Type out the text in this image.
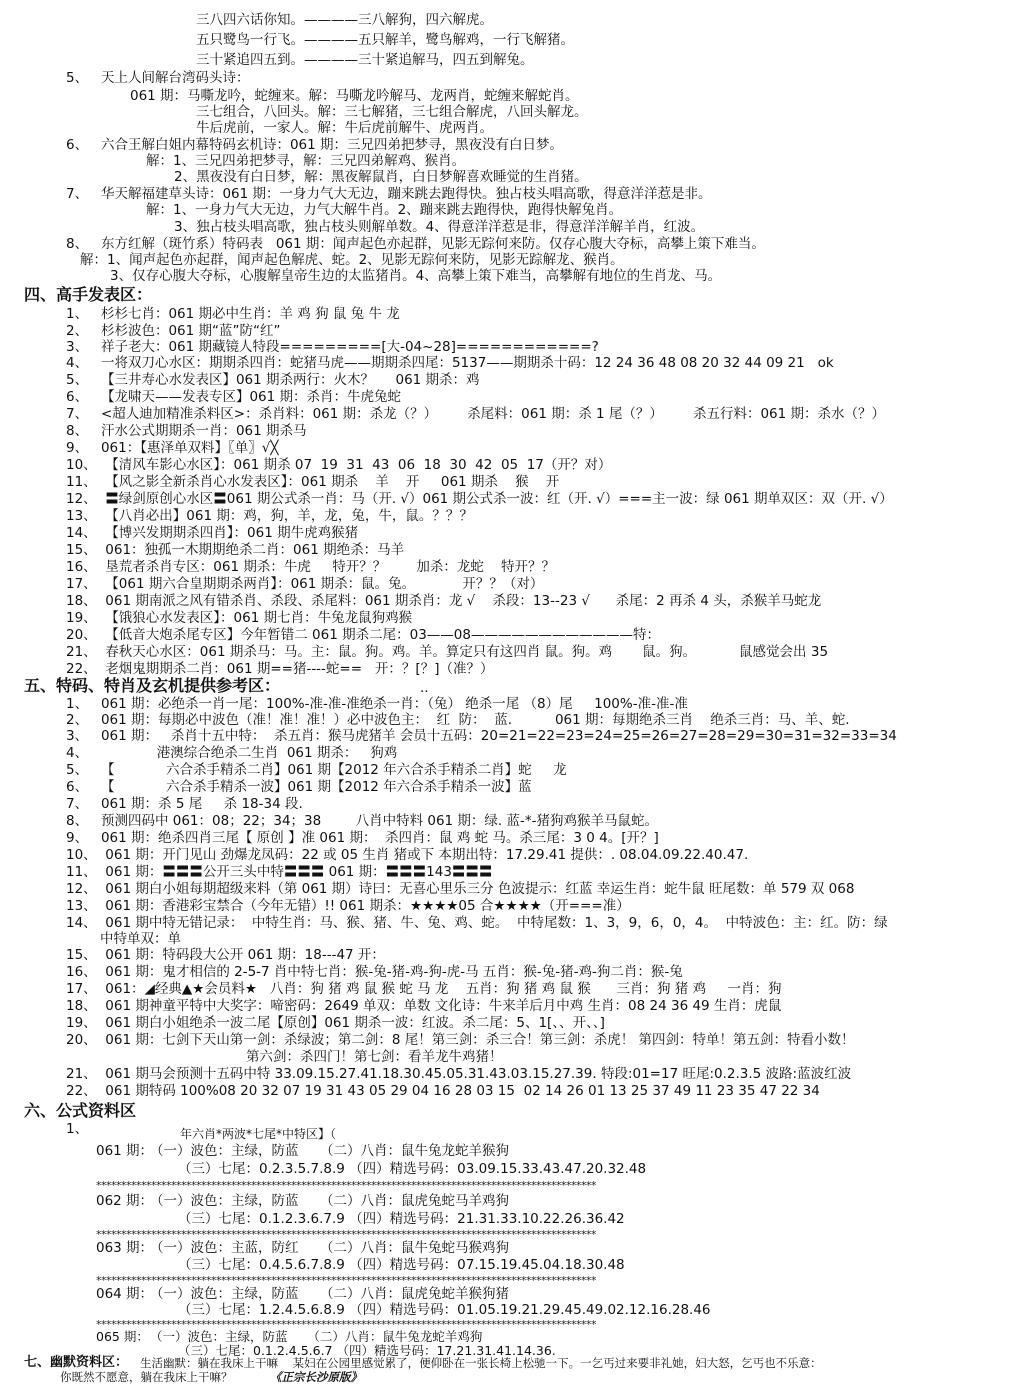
三八四六话你知。————三八解狗，四六解虎。
五只鹭鸟一行飞。————五只解羊，鹭鸟解鸡，一行飞解猪。
三十紧追四五到。————三十紧追解马，四五到解兔。
5、   天上人间解台湾码头诗：
061 期：马嘶龙吟，蛇缠来。解：马嘶龙吟解马、龙两肖，蛇缠来解蛇肖。
三七组合，八回头。解：三七解猪，三七组合解虎，八回头解龙。
牛后虎前，一家人。解：牛后虎前解牛、虎两肖。
6、   六合王解白姐内幕特码玄机诗：061 期：三兄四弟把梦寻，黑夜没有白日梦。
解：1、三兄四弟把梦寻，解：三兄四弟解鸡、猴肖。
2、黑夜没有白日梦，解：黑夜解鼠肖，白日梦解喜欢睡觉的生肖猪。
7、   华天解福建草头诗：061 期：一身力气大无边，蹦来跳去跑得快。独占枝头唱高歌，得意洋洋惹是非。
解：1、一身力气大无边，力气大解牛肖。2、蹦来跳去跑得快，跑得快解兔肖。
3、独占枝头唱高歌，独占枝头则解单数。4、得意洋洋惹是非，得意洋洋解羊肖，红波。
8、   东方红解（斑竹系）特码表   061 期：闻声起色亦起群，见影无踪何来防。仅存心腹大夺标，高攀上策下难当。
解：1、闻声起色亦起群，闻声起色解虎、蛇。2、见影无踪何来防，见影无踪解龙、猴肖。
3、仅存心腹大夺标，心腹解皇帝生边的太监猪肖。4、高攀上策下难当，高攀解有地位的生肖龙、马。
四、高手发表区：
1、   杉杉七肖：061 期必中生肖：羊 鸡 狗 鼠 兔 牛 龙
2、   杉杉波色：061 期“蓝”防“红”
3、   祥子老大：061 期藏镜人特段=========[大-04~28]============?
4、   一将双刀心水区：期期杀四肖：蛇猪马虎——期期杀四尾：5137——期期杀十码：12 24 36 48 08 20 32 44 09 21   ok
5、   【三井寿心水发表区】061 期杀两行：火木？     061 期杀：鸡
6、   【龙啸天——发表专区】061 期：杀肖：牛虎兔蛇
7、   <超人迪加精准杀料区>：杀肖料：061 期：杀龙（？）       杀尾料：061 期：杀 1 尾（？）       杀五行料：061 期：杀水（？）
8、   汗水公式期期杀一肖：061 期杀马
9、   061：【惠泽单双料】〖单〗√╳
10、  【清风车影心水区】：061 期杀 07  19  31  43  06  18  30  42  05  17（开？对）
11、  【风之影全新杀肖心水发表区】：061 期杀    羊    开     061 期杀    猴    开
12、  〓绿剑原创心水区〓061 期公式杀一肖：马（开. √）061 期公式杀一波：红（开. √）===主一波：绿 061 期单双区：双（开. √）
13、  【八肖必出】061 期：鸡，狗，羊，龙，兔，牛，鼠。？？？
14、  【博兴发期期杀四肖】：061 期牛虎鸡猴猪
15、  061：独孤一木期期绝杀二肖：061 期绝杀：马羊
16、  垦荒者杀肖专区：061 期杀：牛虎     特开？？       加杀：龙蛇    特开？？
17、  【061 期六合皇期期杀两肖】：061 期杀：鼠。兔。           开？？（对）
18、  061 期南派之风有错杀肖、杀段、杀尾料：061 期杀肖：龙 √    杀段：13--23 √      杀尾：2 再杀 4 头，杀猴羊马蛇龙
19、  【饿狼心水发表区】：061 期七肖：牛兔龙鼠狗鸡猴
20、  【低音大炮杀尾专区】今年暂错二 061 期杀二尾：03——08————————————特：
21、  春秋天心水区：061 期杀马：马。主：鼠。狗。鸡。羊。算定只有这四肖 鼠。狗。鸡       鼠。狗。          鼠感觉会出 35
22、  老烟鬼期期杀二肖：061 期==猪----蛇==   开：？[？]（准？）
五、特码、特肖及玄机提供参考区：	..
1、   061 期：必绝杀一肖一尾：100%-准-准-准绝杀一肖：（兔） 绝杀一尾 （8）尾     100%-准-准-准
2、   061 期：每期必中波色（准！准！准！）必中波色主：  红  防：  蓝.          061 期：每期绝杀三肖    绝杀三肖：马、羊、蛇.
3、   061 期：   杀肖十五中特：  杀五肖：猴马虎猪羊 会员十五码：20=21=22=23=24=25=26=27=28=29=30=31=32=33=34
4、                港澳综合绝杀二生肖  061 期杀：   狗鸡
5、   【            六合杀手精杀二肖】061 期【2012 年六合杀手精杀二肖】蛇     龙
6、   【            六合杀手精杀一波】061 期【2012 年六合杀手精杀一波】蓝
7、   061 期：杀 5 尾     杀 18-34 段.
8、   预测四码中 061：08；22；34；38        八肖中特料 061 期：绿. 蓝-*-猪狗鸡猴羊马鼠蛇。
9、   061 期：绝杀四肖三尾【 原创 】准 061 期：  杀四肖：鼠 鸡 蛇 马。杀三尾：3 0 4。[开？]
10、  061 期：开门见山 劲爆龙凤码：22 或 05 生肖 猪或下 本期出特：17.29.41 提供：. 08.04.09.22.40.47.
11、  061 期：〓〓〓公开三头中特〓〓〓 061 期：〓〓〓143〓〓〓
12、  061 期白小姐每期超级来料（第 061 期）诗曰：无喜心里乐三分 色波提示：红蓝 幸运生肖：蛇牛鼠 旺尾数：单 579 双 068
13、  061 期：香港彩宝禁合（今年无错）!! 061 期杀：★★★★05 合★★★★（开===准）
14、  061 期中特无错记录：  中特生肖：马、猴、猪、牛、兔、鸡、蛇。  中特尾数：1、3，9，6，0，4。  中特波色：主：红。防：绿
中特单双：单
15、  061 期：特码段大公开 061 期：18---47 开：
16、  061 期：鬼才相信的 2-5-7 肖中特七肖：猴-兔-猪-鸡-狗-虎-马 五肖：猴-兔-猪-鸡-狗二肖：猴-兔
17、  061：◢经典▲★会员料★   八肖：狗 猪 鸡 鼠 猴 蛇 马 龙    五肖：狗 猪 鸡 鼠 猴      三肖：狗 猪 鸡     一肖：狗
18、  061 期神童平特中大奖字：啼密码：2649 单双：单数 文化诗：牛来羊后月中鸡 生肖：08 24 36 49 生肖：虎鼠
19、  061 期白小姐绝杀一波二尾【原创】061 期杀一波：红波。杀二尾：5、1[、、开、、]
20、  061 期：七剑下天山第一剑：杀绿波；第二剑：8 尾！第三剑：杀三合！第三剑：杀虎！ 第四剑：特单！第五剑：特看小数！
第六剑：杀四门！第七剑：看羊龙牛鸡猪！
21、  061 期马会预测十五码中特 33.09.15.27.41.18.30.45.05.31.43.03.15.27.39. 特段:01=17 旺尾:0.2.3.5 波路:蓝波红波
22、  061 期特码 100%08 20 32 07 19 31 43 05 29 04 16 28 03 15  02 14 26 01 13 25 37 49 11 23 35 47 22 34
六、公式资料区
1、	年六肖*两波*七尾*中特区】（
061 期：
（一）波色：主绿，防蓝     （二）八肖：鼠牛兔龙蛇羊猴狗
（三）七尾：0.2.3.5.7.8.9 （四）精选号码：03.09.15.33.43.47.20.32.48
****************************************************************************************************
062 期：
（一）波色：主绿，防蓝     （二）八肖：鼠虎兔蛇马羊鸡狗
（三）七尾：0.1.2.3.6.7.9 （四）精选号码：21.31.33.10.22.26.36.42
****************************************************************************************************
063 期：
（一）波色：主蓝，防红     （二）八肖：鼠牛兔蛇马猴鸡狗
（三）七尾：0.4.5.6.7.8.9 （四）精选号码：07.15.19.45.04.18.30.48
****************************************************************************************************
064 期：
（一）波色：主绿，防蓝     （二）八肖：鼠虎兔蛇羊猴狗猪
（三）七尾：1.2.4.5.6.8.9 （四）精选号码：01.05.19.21.29.45.49.02.12.16.28.46
****************************************************************************************************
065 期： （一）波色：主绿，防蓝     （二）八肖：鼠牛兔龙蛇羊鸡狗
（三）七尾：0.1.2.4.5.6.7 （四）精选号码：17.21.31.41.14.36.
七、幽默资料区： 生活幽默：躺在我床上干嘛    某妇在公园里感觉累了，便仰卧在一张长椅上松驰一下。一乞丐过来要非礼她，妇大怒，乞丐也不乐意：
你既然不愿意，躺在我床上干嘛？	《正宗长沙原版》
